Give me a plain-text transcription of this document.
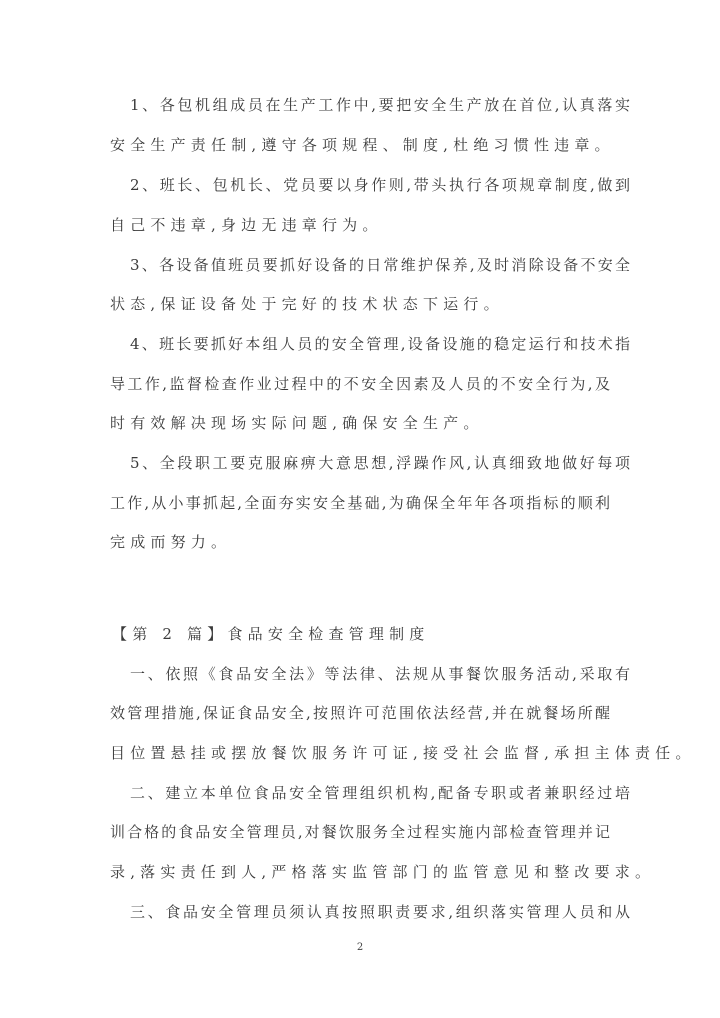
1、各包机组成员在生产工作中,要把安全生产放在首位,认真落实
安全生产责任制,遵守各项规程、制度,杜绝习惯性违章。
2、班长、包机长、党员要以身作则,带头执行各项规章制度,做到
自己不违章,身边无违章行为。
3、各设备值班员要抓好设备的日常维护保养,及时消除设备不安全
状态,保证设备处于完好的技术状态下运行。
4、班长要抓好本组人员的安全管理,设备设施的稳定运行和技术指
导工作,监督检查作业过程中的不安全因素及人员的不安全行为,及
时有效解决现场实际问题,确保安全生产。
5、全段职工要克服麻痹大意思想,浮躁作风,认真细致地做好每项
工作,从小事抓起,全面夯实安全基础,为确保全年年各项指标的顺利
完成而努力。
【第 2 篇】食品安全检查管理制度
一、依照《食品安全法》等法律、法规从事餐饮服务活动,采取有
效管理措施,保证食品安全,按照许可范围依法经营,并在就餐场所醒
目位置悬挂或摆放餐饮服务许可证,接受社会监督,承担主体责任。
二、建立本单位食品安全管理组织机构,配备专职或者兼职经过培
训合格的食品安全管理员,对餐饮服务全过程实施内部检查管理并记
录,落实责任到人,严格落实监管部门的监管意见和整改要求。
三、食品安全管理员须认真按照职责要求,组织落实管理人员和从
2
